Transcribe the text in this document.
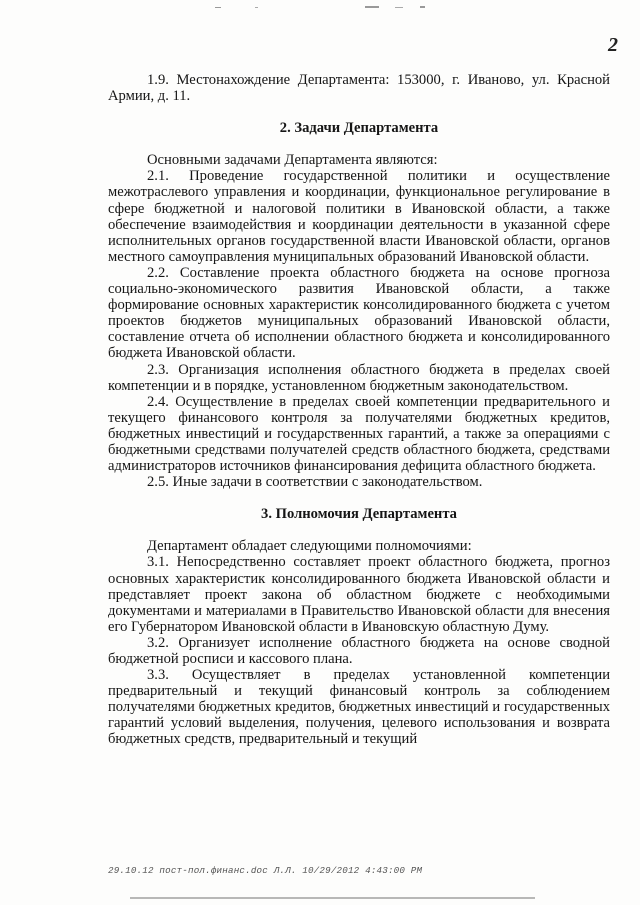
2

1.9. Местонахождение Департамента: 153000, г. Иваново, ул. Красной Армии, д. 11.

2. Задачи Департамента

Основными задачами Департамента являются:

2.1. Проведение государственной политики и осуществление межотраслевого управления и координации, функциональное регулирование в сфере бюджетной и налоговой политики в Ивановской области, а также обеспечение взаимодействия и координации деятельности в указанной сфере исполнительных органов государственной власти Ивановской области, органов местного самоуправления муниципальных образований Ивановской области.

2.2. Составление проекта областного бюджета на основе прогноза социально-экономического развития Ивановской области, а также формирование основных характеристик консолидированного бюджета с учетом проектов бюджетов муниципальных образований Ивановской области, составление отчета об исполнении областного бюджета и консолидированного бюджета Ивановской области.

2.3. Организация исполнения областного бюджета в пределах своей компетенции и в порядке, установленном бюджетным законодательством.

2.4. Осуществление в пределах своей компетенции предварительного и текущего финансового контроля за получателями бюджетных кредитов, бюджетных инвестиций и государственных гарантий, а также за операциями с бюджетными средствами получателей средств областного бюджета, средствами администраторов источников финансирования дефицита областного бюджета.

2.5. Иные задачи в соответствии с законодательством.

3. Полномочия Департамента

Департамент обладает следующими полномочиями:

3.1. Непосредственно составляет проект областного бюджета, прогноз основных характеристик консолидированного бюджета Ивановской области и представляет проект закона об областном бюджете с необходимыми документами и материалами в Правительство Ивановской области для внесения его Губернатором Ивановской области в Ивановскую областную Думу.

3.2. Организует исполнение областного бюджета на основе сводной бюджетной росписи и кассового плана.

3.3. Осуществляет в пределах установленной компетенции предварительный и текущий финансовый контроль за соблюдением получателями бюджетных кредитов, бюджетных инвестиций и государственных гарантий условий выделения, получения, целевого использования и возврата бюджетных средств, предварительный и текущий

29.10.12 пост-пол.финанс.doc Л.Л. 10/29/2012 4:43:00 PM
